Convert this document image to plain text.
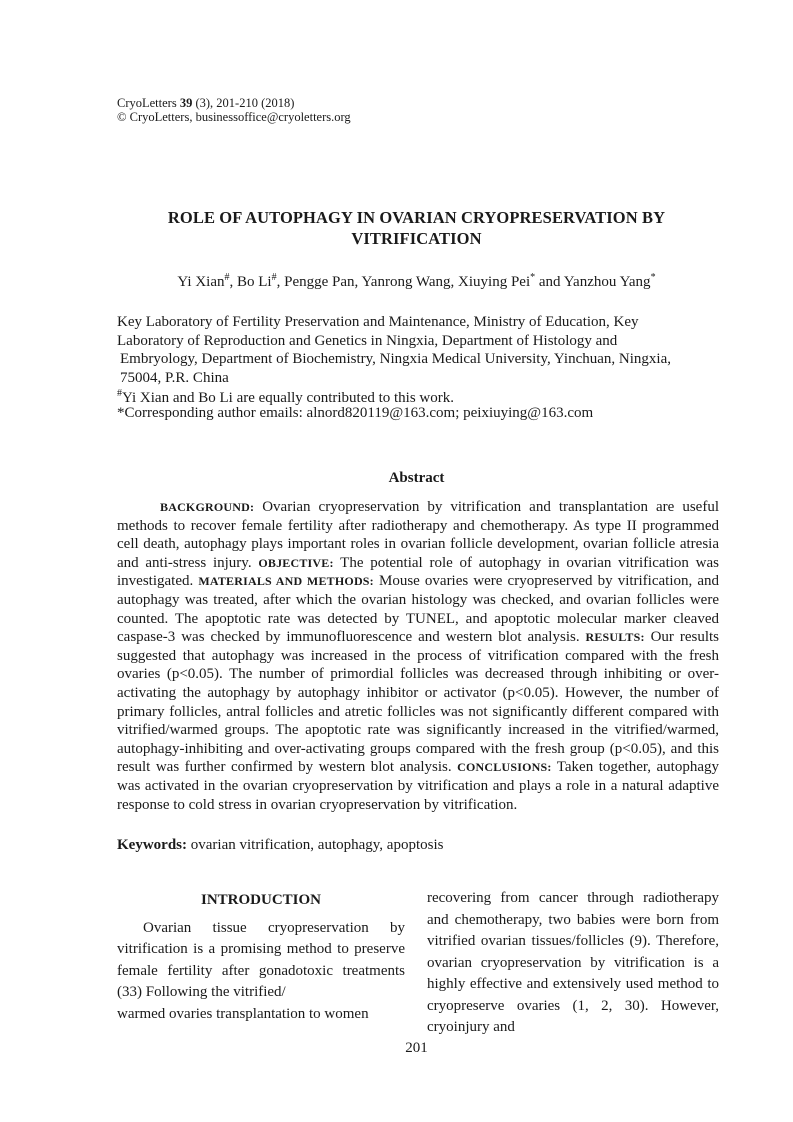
CryoLetters 39 (3), 201-210 (2018)
© CryoLetters, businessoffice@cryoletters.org
ROLE OF AUTOPHAGY IN OVARIAN CRYOPRESERVATION BY
VITRIFICATION
Yi Xian#, Bo Li#, Pengge Pan, Yanrong Wang, Xiuying Pei* and Yanzhou Yang*
Key Laboratory of Fertility Preservation and Maintenance, Ministry of Education, Key
Laboratory of Reproduction and Genetics in Ningxia, Department of Histology and
Embryology, Department of Biochemistry, Ningxia Medical University, Yinchuan, Ningxia,
75004, P.R. China
#Yi Xian and Bo Li are equally contributed to this work.
*Corresponding author emails: alnord820119@163.com; peixiuying@163.com
Abstract
BACKGROUND: Ovarian cryopreservation by vitrification and transplantation are useful methods to recover female fertility after radiotherapy and chemotherapy. As type II programmed cell death, autophagy plays important roles in ovarian follicle development, ovarian follicle atresia and anti-stress injury. OBJECTIVE: The potential role of autophagy in ovarian vitrification was investigated. MATERIALS AND METHODS: Mouse ovaries were cryopreserved by vitrification, and autophagy was treated, after which the ovarian histology was checked, and ovarian follicles were counted. The apoptotic rate was detected by TUNEL, and apoptotic molecular marker cleaved caspase-3 was checked by immunofluorescence and western blot analysis. RESULTS: Our results suggested that autophagy was increased in the process of vitrification compared with the fresh ovaries (p<0.05). The number of primordial follicles was decreased through inhibiting or over-activating the autophagy by autophagy inhibitor or activator (p<0.05). However, the number of primary follicles, antral follicles and atretic follicles was not significantly different compared with vitrified/warmed groups. The apoptotic rate was significantly increased in the vitrified/warmed, autophagy-inhibiting and over-activating groups compared with the fresh group (p<0.05), and this result was further confirmed by western blot analysis. CONCLUSIONS: Taken together, autophagy was activated in the ovarian cryopreservation by vitrification and plays a role in a natural adaptive response to cold stress in ovarian cryopreservation by vitrification.
Keywords: ovarian vitrification, autophagy, apoptosis
INTRODUCTION

Ovarian tissue cryopreservation by vitrification is a promising method to preserve female fertility after gonadotoxic treatments (33) Following the vitrified/

warmed ovaries transplantation to women

recovering from cancer through radiotherapy and chemotherapy, two babies were born from vitrified ovarian tissues/follicles (9). Therefore, ovarian cryopreservation by vitrification is a highly effective and extensively used method to cryopreserve ovaries (1, 2, 30). However, cryoinjury and

201
